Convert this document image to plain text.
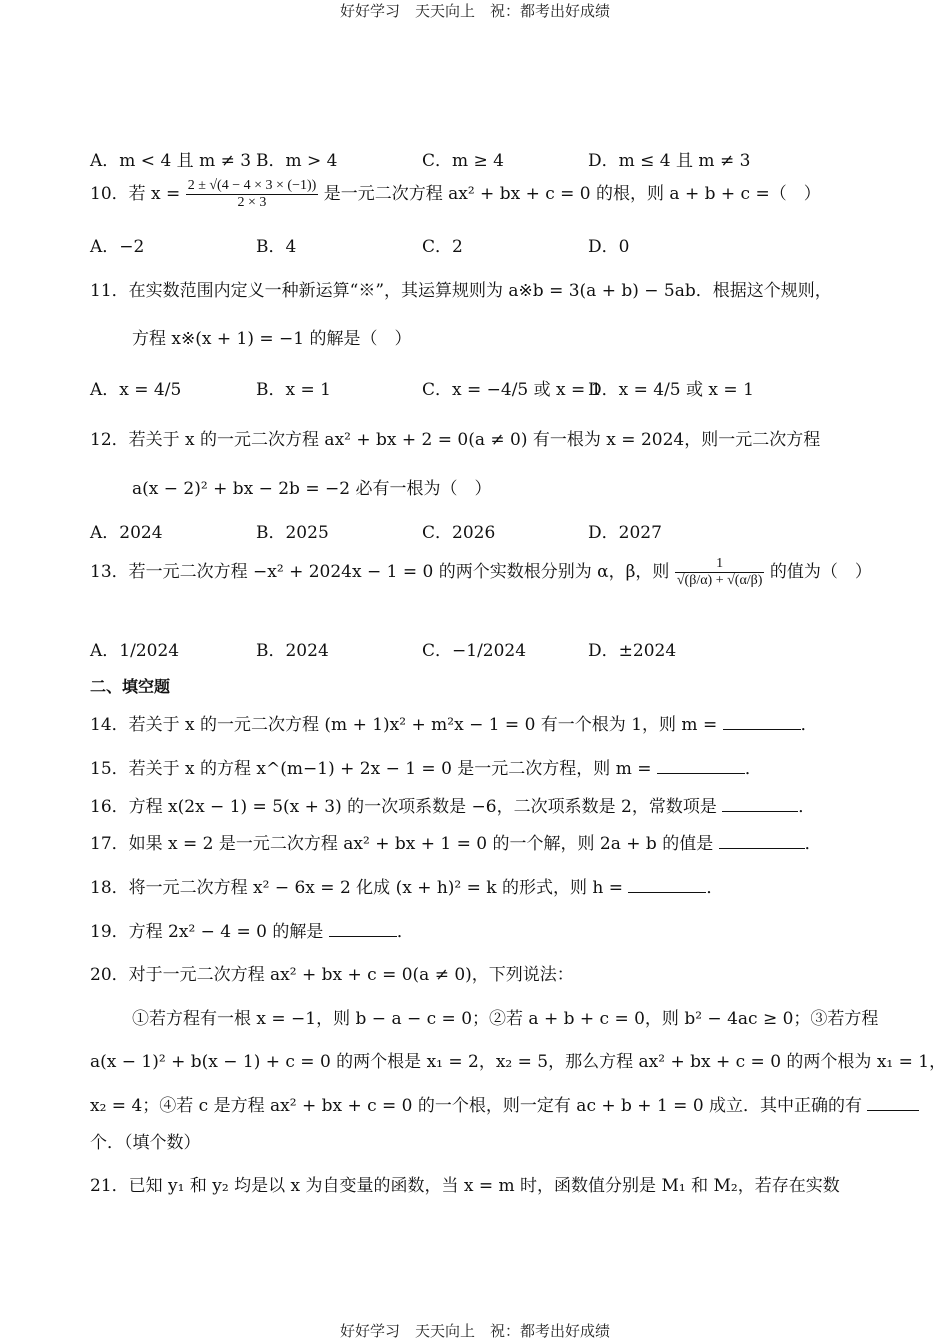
好好学习　天天向上　祝：都考出好成绩
A．m < 4 且 m ≠ 3 B．m > 4	C．m ≥ 4	D．m ≤ 4 且 m ≠ 3
10．若 $x = \frac{2 \pm √(4 - 4 \times 3 \times (-1))}{2 \times 3}$ 是一元二次方程 ax² + bx + c = 0 的根，则 a + b + c =（　）
A．−2	B．4	C．2	D．0
11．在实数范围内定义一种新运算“※”，其运算规则为 a※b = 3(a + b) − 5ab．根据这个规则，
方程 x※(x + 1) = −1 的解是（　）
A．x = 4/5	B．x = 1	C．x = −4/5 或 x = 1
D．x = 4/5 或 x = 1
12．若关于 x 的一元二次方程 ax² + bx + 2 = 0(a ≠ 0) 有一根为 x = 2024，则一元二次方程
a(x − 2)² + bx − 2b = −2 必有一根为（　）
A．2024	B．2025	C．2026	D．2027
13．若一元二次方程 −x² + 2024x − 1 = 0 的两个实数根分别为 α，β，则 $\frac{1}{√(\beta/\alpha) + √(\alpha/\beta)}$ 的值为（　）
A．1/2024	B．2024	C．−1/2024	D．±2024
二、填空题
14．若关于 x 的一元二次方程 (m + 1)x² + m²x − 1 = 0 有一个根为 1，则 m =	．
15．若关于 x 的方程 x^(m−1) + 2x − 1 = 0 是一元二次方程，则 m =	．
16．方程 x(2x − 1) = 5(x + 3) 的一次项系数是 −6，二次项系数是 2，常数项是	．
17．如果 x = 2 是一元二次方程 ax² + bx + 1 = 0 的一个解，则 2a + b 的值是	．
18．将一元二次方程 x² − 6x = 2 化成 (x + h)² = k 的形式，则 h =	．
19．方程 2x² − 4 = 0 的解是	．
20．对于一元二次方程 ax² + bx + c = 0(a ≠ 0)，下列说法：
①若方程有一根 x = −1，则 b − a − c = 0；②若 a + b + c = 0，则 b² − 4ac ≥ 0；③若方程
a(x − 1)² + b(x − 1) + c = 0 的两个根是 x₁ = 2，x₂ = 5，那么方程 ax² + bx + c = 0 的两个根为 x₁ = 1，
x₂ = 4；④若 c 是方程 ax² + bx + c = 0 的一个根，则一定有 ac + b + 1 = 0 成立．其中正确的有
个．（填个数）
21．已知 y₁ 和 y₂ 均是以 x 为自变量的函数，当 x = m 时，函数值分别是 M₁ 和 M₂，若存在实数
好好学习　天天向上　祝：都考出好成绩
